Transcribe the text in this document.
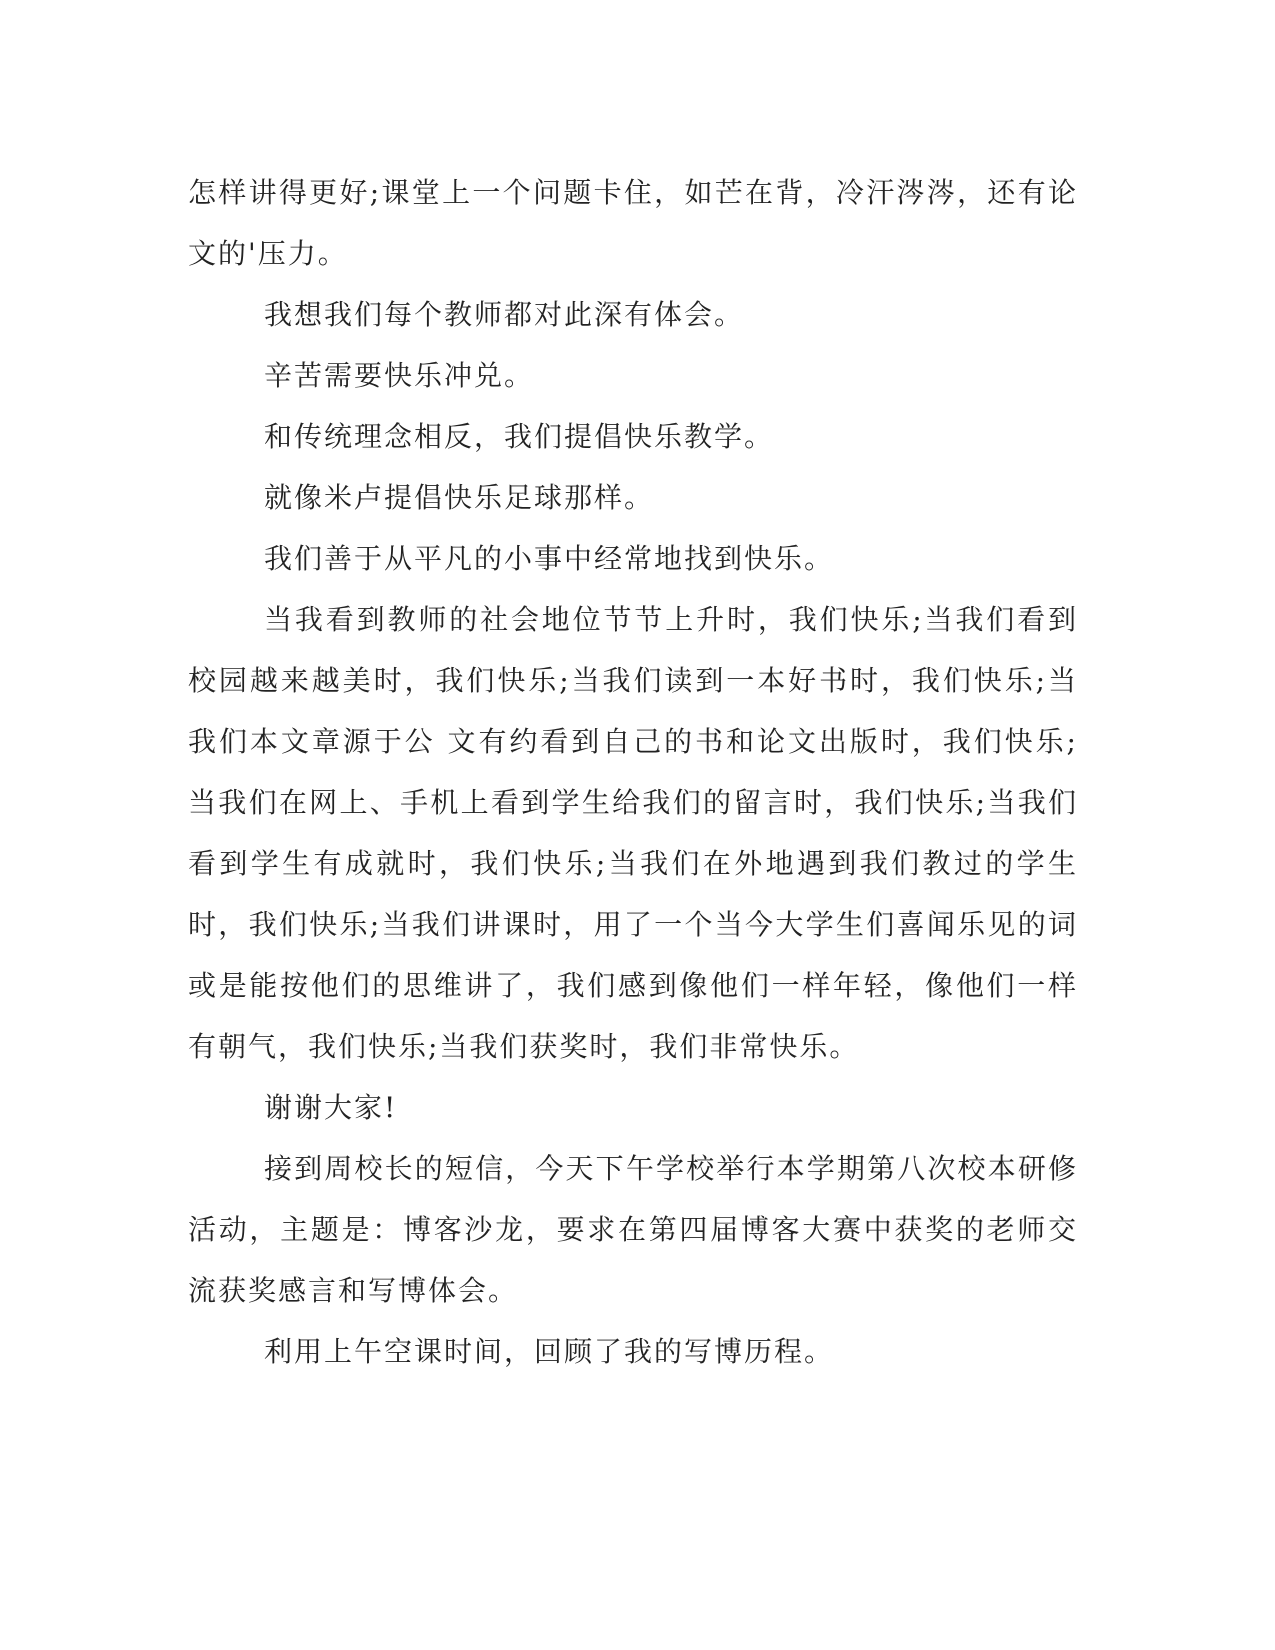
怎样讲得更好;课堂上一个问题卡住，如芒在背，冷汗涔涔，还有论文的'压力。

我想我们每个教师都对此深有体会。

辛苦需要快乐冲兑。

和传统理念相反，我们提倡快乐教学。

就像米卢提倡快乐足球那样。

我们善于从平凡的小事中经常地找到快乐。

当我看到教师的社会地位节节上升时，我们快乐;当我们看到校园越来越美时，我们快乐;当我们读到一本好书时，我们快乐;当我们本文章源于公 文有约看到自己的书和论文出版时，我们快乐;当我们在网上、手机上看到学生给我们的留言时，我们快乐;当我们看到学生有成就时，我们快乐;当我们在外地遇到我们教过的学生时，我们快乐;当我们讲课时，用了一个当今大学生们喜闻乐见的词或是能按他们的思维讲了，我们感到像他们一样年轻，像他们一样有朝气，我们快乐;当我们获奖时，我们非常快乐。

谢谢大家!

接到周校长的短信，今天下午学校举行本学期第八次校本研修活动，主题是：博客沙龙，要求在第四届博客大赛中获奖的老师交流获奖感言和写博体会。

利用上午空课时间，回顾了我的写博历程。
